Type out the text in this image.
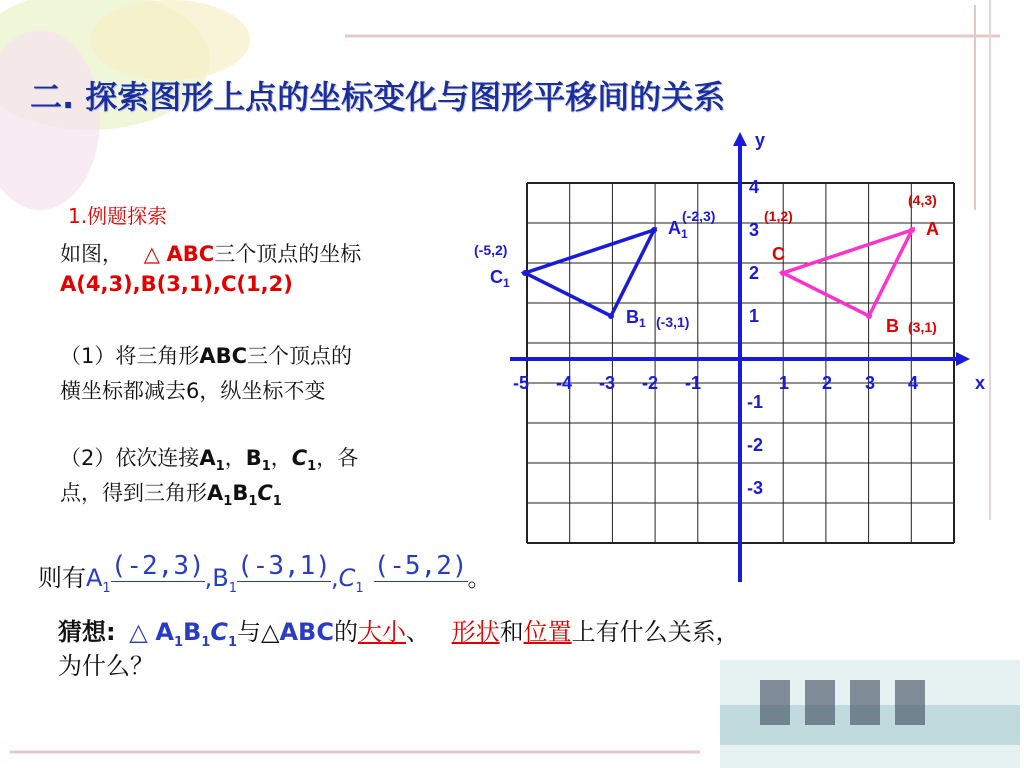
二. 探索图形上点的坐标变化与图形平移间的关系
1.例题探索
如图， △ ABC三个顶点的坐标
A(4,3),B(3,1),C(1,2)
（1）将三角形ABC三个顶点的
横坐标都减去6，纵坐标不变
（2）依次连接$A_1$，$B_1$，$C_1$，各
点，得到三角形$A_1B_1C_1$
则有$A_1(-2,3),B_1(-3,1),C_1(-5,2)$。
猜想: △ $A_1B_1C_1$与△ABC的大小、 形状和位置上有什么关系，
为什么？
x
y
-5 -4 -3 -2 -1	1 2 3 4
4
3
2
1
-1
-2
-3
A
(4,3)
B (3,1)
C
(1,2)
$A_1$
(-2,3)
$B_1$ (-3,1)
$C_1$
(-5,2)
